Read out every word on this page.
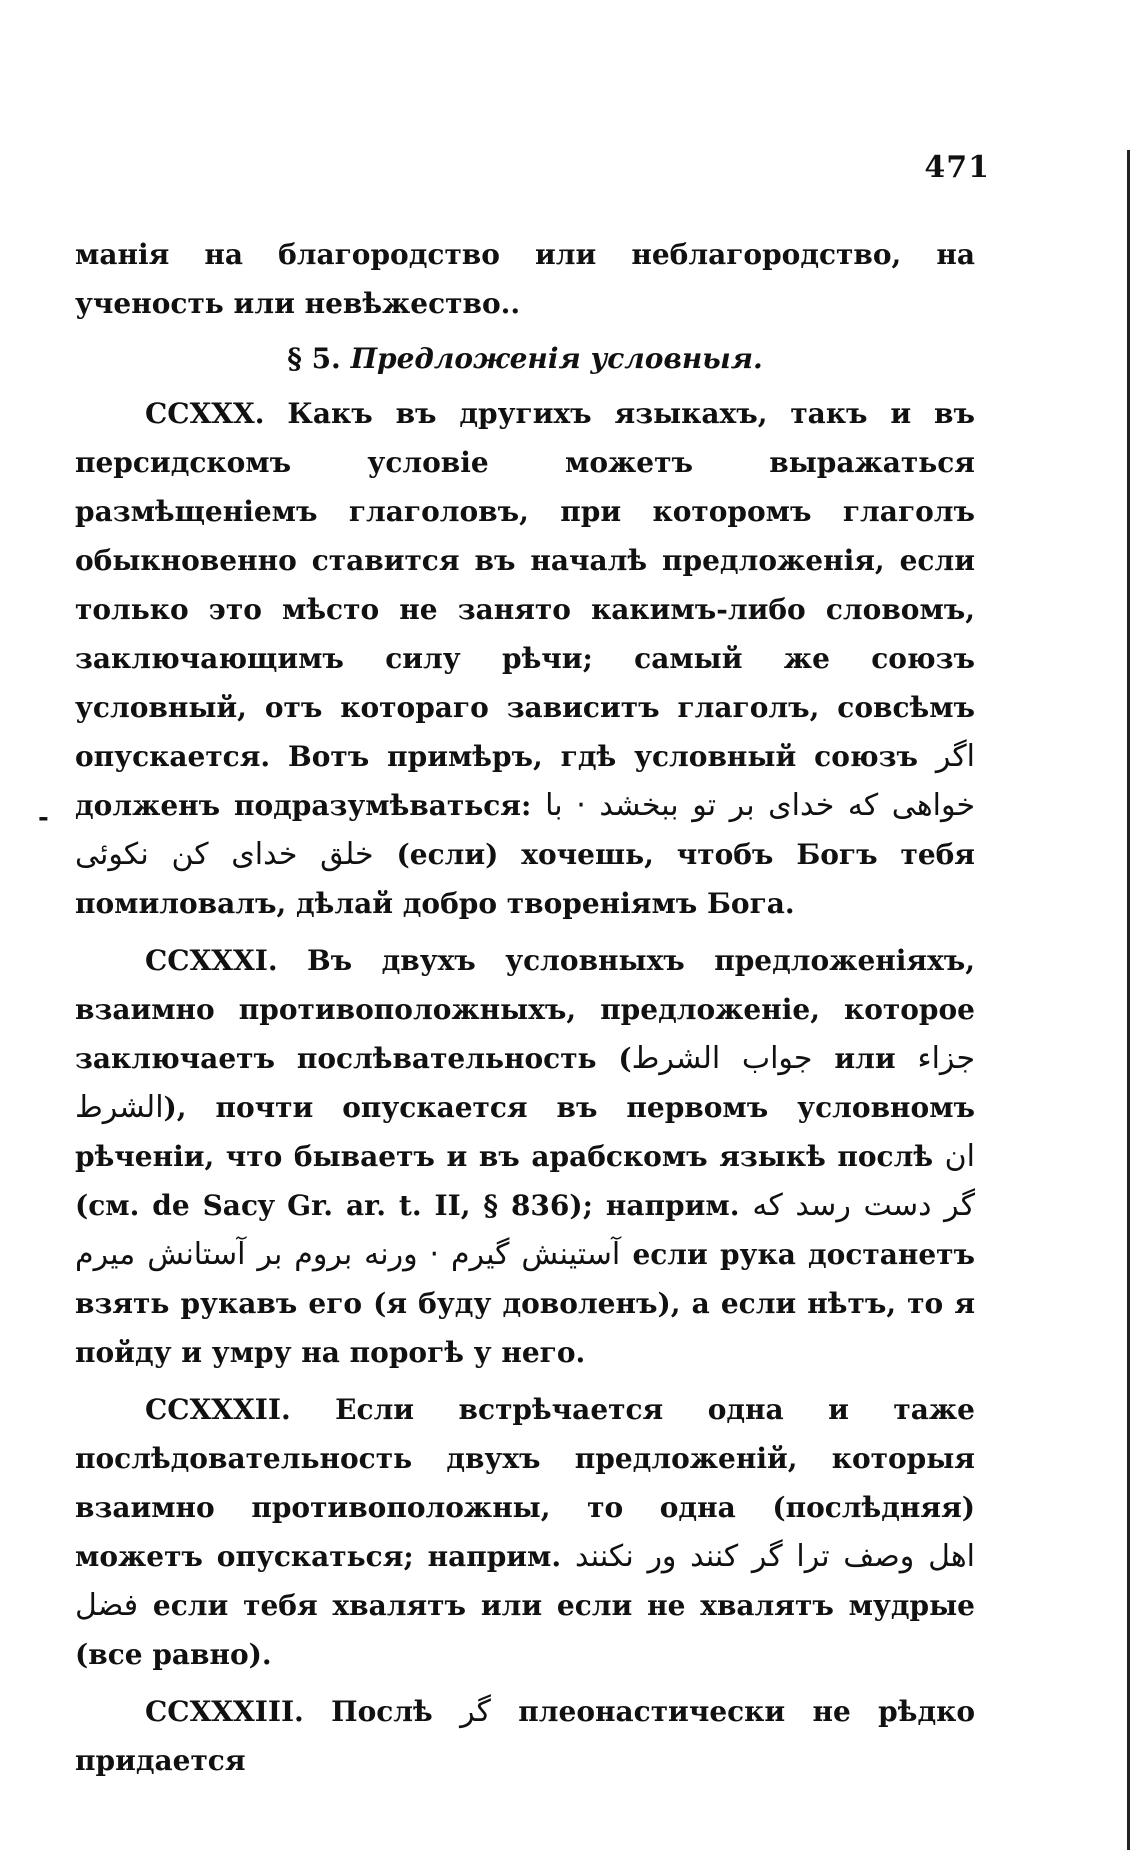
471
-

манія на благородство или неблагородство, на ученость или невѣжество..

§ 5. Предложенія условныя.

CCXXX. Какъ въ другихъ языкахъ, такъ и въ персидскомъ условіе можетъ выражаться размѣщеніемъ глаголовъ, при которомъ глаголъ обыкновенно ставится въ началѣ предложенія, если только это мѣсто не занято какимъ-либо словомъ, заключающимъ силу рѣчи; самый же союзъ условный, отъ котораго зависитъ глаголъ, совсѣмъ опускается. Вотъ примѣръ, гдѣ условный союзъ اگر долженъ подразумѣваться: خواهی که خدای بر تو ببخشد · با خلق خدای کن نکوئی (если) хочешь, чтобъ Богъ тебя помиловалъ, дѣлай добро твореніямъ Бога.

CCXXXI. Въ двухъ условныхъ предложеніяхъ, взаимно противоположныхъ, предложеніе, которое заключаетъ послѣвательность (جواب الشرط или جزاء الشرط), почти опускается въ первомъ условномъ рѣченіи, что бываетъ и въ арабскомъ языкѣ послѣ ان (см. de Sacy Gr. ar. t. II, § 836); наприм. گر دست رسد که آستینش گیرم · ورنه بروم بر آستانش میرم если рука достанетъ взять рукавъ его (я буду доволенъ), а если нѣтъ, то я пойду и умру на порогѣ у него.

CCXXXII. Если встрѣчается одна и таже послѣдовательность двухъ предложеній, которыя взаимно противоположны, то одна (послѣдняя) можетъ опускаться; наприм. وصف ترا گر کنند ور نکنند اهل فضل если тебя хвалятъ или если не хвалятъ мудрые (все равно).

CCXXXIII. Послѣ گر плеонастически не рѣдко придается
